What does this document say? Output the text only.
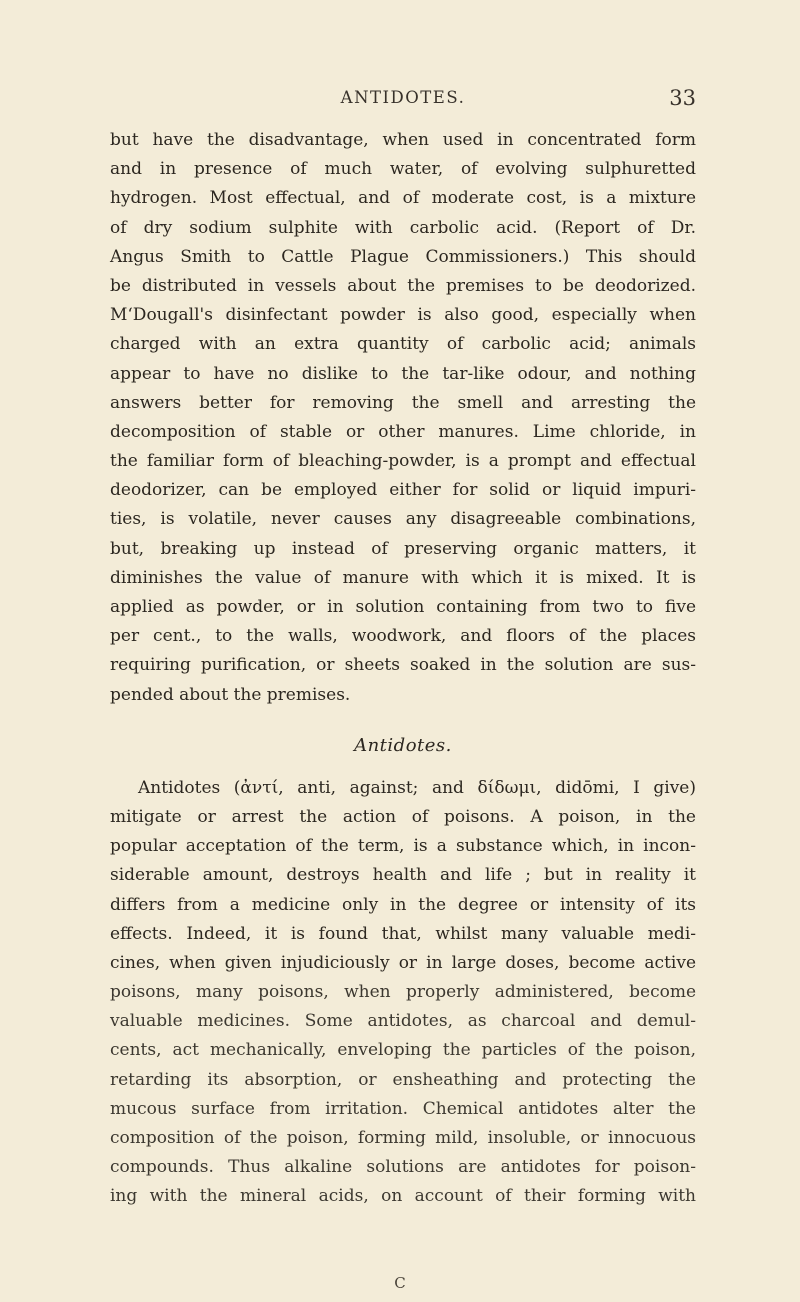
ANTIDOTES.	33
but have the disadvantage, when used in concentrated form
and in presence of much water, of evolving sulphuretted
hydrogen. Most effectual, and of moderate cost, is a mixture
of dry sodium sulphite with carbolic acid. (Report of Dr.
Angus Smith to Cattle Plague Commissioners.) This should
be distributed in vessels about the premises to be deodorized.
M‘Dougall's disinfectant powder is also good, especially when
charged with an extra quantity of carbolic acid; animals
appear to have no dislike to the tar-like odour, and nothing
answers better for removing the smell and arresting the
decomposition of stable or other manures. Lime chloride, in
the familiar form of bleaching-powder, is a prompt and effectual
deodorizer, can be employed either for solid or liquid impuri-
ties, is volatile, never causes any disagreeable combinations,
but, breaking up instead of preserving organic matters, it
diminishes the value of manure with which it is mixed. It is
applied as powder, or in solution containing from two to five
per cent., to the walls, woodwork, and floors of the places
requiring purification, or sheets soaked in the solution are sus-
pended about the premises.
Antidotes.
Antidotes (ἀντί, anti, against; and δίδωμι, didōmi, I give)
mitigate or arrest the action of poisons. A poison, in the
popular acceptation of the term, is a substance which, in incon-
siderable amount, destroys health and life ; but in reality it
differs from a medicine only in the degree or intensity of its
effects. Indeed, it is found that, whilst many valuable medi-
cines, when given injudiciously or in large doses, become active
poisons, many poisons, when properly administered, become
valuable medicines. Some antidotes, as charcoal and demul-
cents, act mechanically, enveloping the particles of the poison,
retarding its absorption, or ensheathing and protecting the
mucous surface from irritation. Chemical antidotes alter the
composition of the poison, forming mild, insoluble, or innocuous
compounds. Thus alkaline solutions are antidotes for poison-
ing with the mineral acids, on account of their forming with
C
